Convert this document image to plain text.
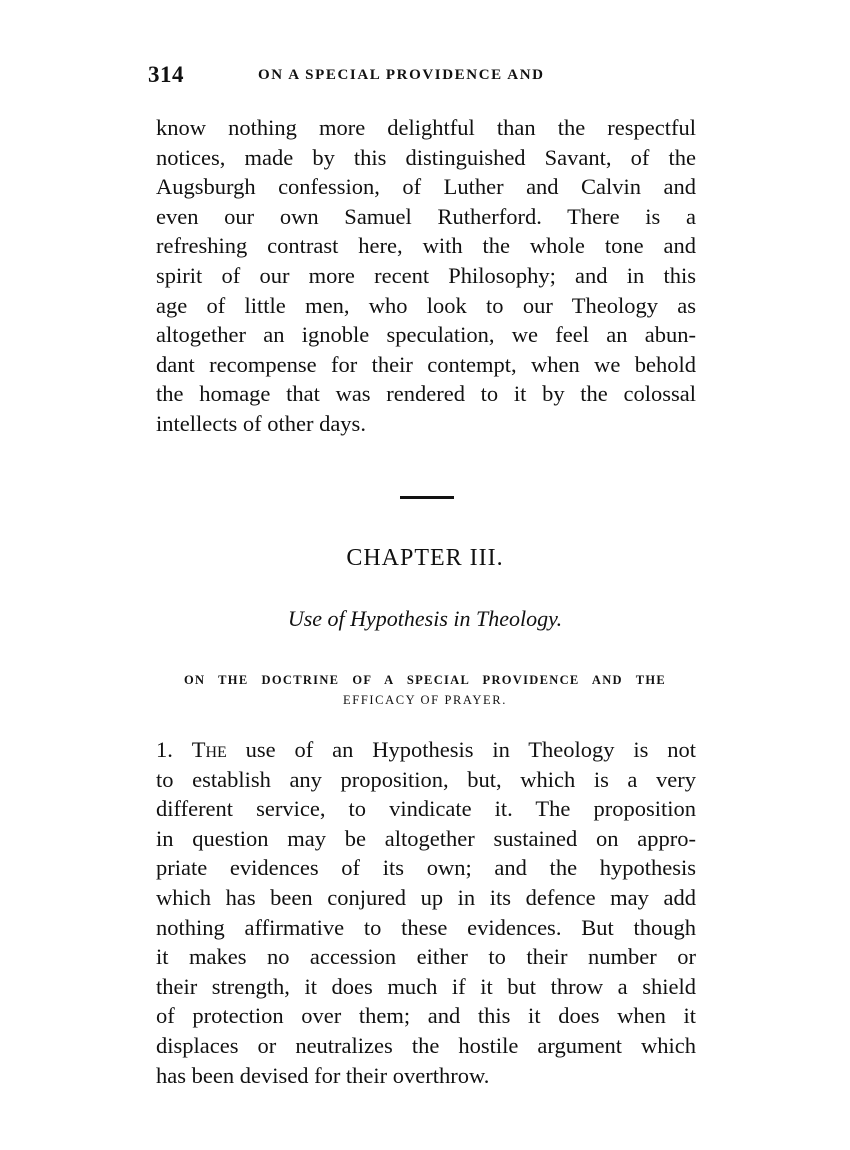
314	ON A SPECIAL PROVIDENCE AND
know nothing more delightful than the respectful
notices, made by this distinguished Savant, of the
Augsburgh confession, of Luther and Calvin and
even our own Samuel Rutherford. There is a
refreshing contrast here, with the whole tone and
spirit of our more recent Philosophy; and in this
age of little men, who look to our Theology as
altogether an ignoble speculation, we feel an abun-
dant recompense for their contempt, when we behold
the homage that was rendered to it by the colossal
intellects of other days.
CHAPTER III.
Use of Hypothesis in Theology.
ON THE DOCTRINE OF A SPECIAL PROVIDENCE AND THE
EFFICACY OF PRAYER.
1. The use of an Hypothesis in Theology is not
to establish any proposition, but, which is a very
different service, to vindicate it. The proposition
in question may be altogether sustained on appro-
priate evidences of its own; and the hypothesis
which has been conjured up in its defence may add
nothing affirmative to these evidences. But though
it makes no accession either to their number or
their strength, it does much if it but throw a shield
of protection over them; and this it does when it
displaces or neutralizes the hostile argument which
has been devised for their overthrow.
